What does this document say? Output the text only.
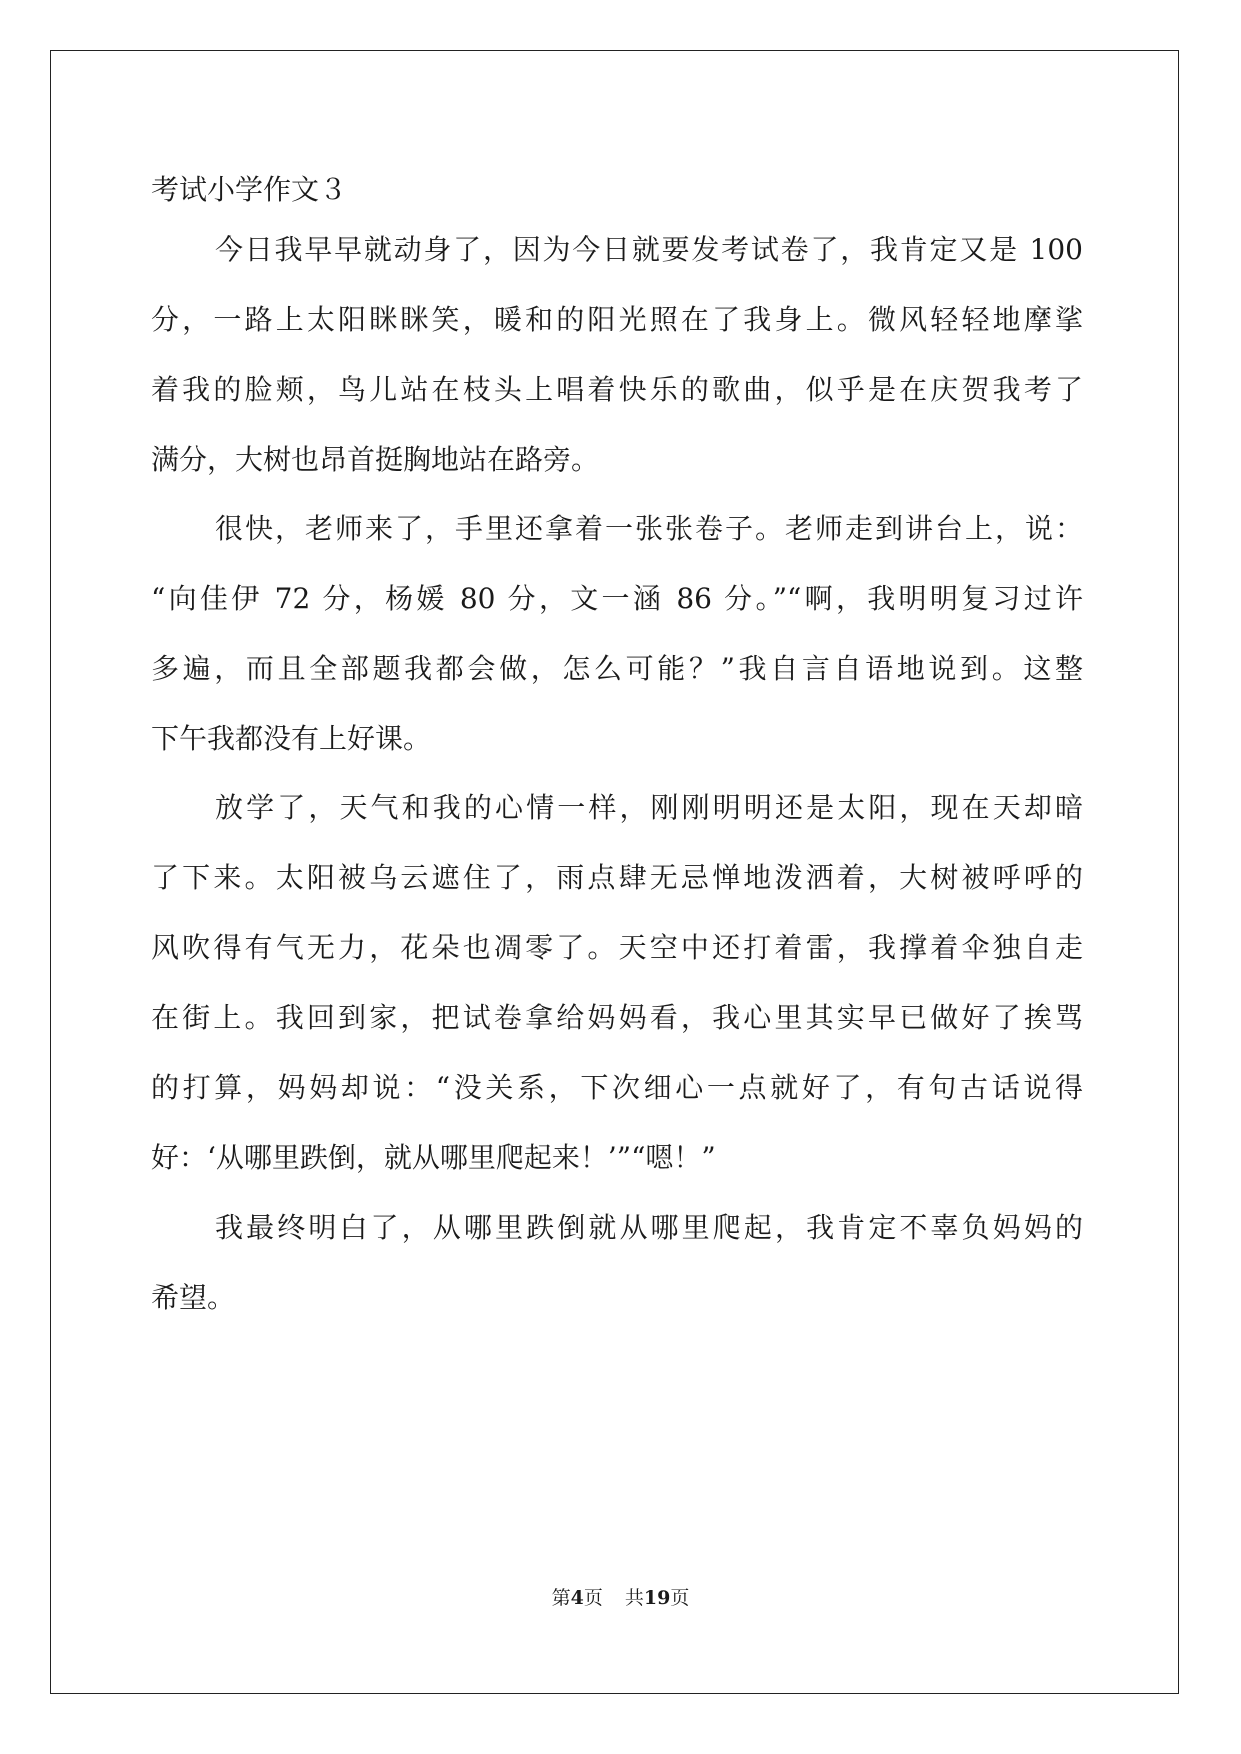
考试小学作文３
今日我早早就动身了，因为今日就要发考试卷了，我肯定又是 100
分，一路上太阳眯眯笑，暖和的阳光照在了我身上。微风轻轻地摩挲
着我的脸颊，鸟儿站在枝头上唱着快乐的歌曲，似乎是在庆贺我考了
满分，大树也昂首挺胸地站在路旁。
很快，老师来了，手里还拿着一张张卷子。老师走到讲台上，说：
“向佳伊 72 分，杨媛 80 分，文一涵 86 分。”“啊，我明明复习过许
多遍，而且全部题我都会做，怎么可能？”我自言自语地说到。这整
下午我都没有上好课。
放学了，天气和我的心情一样，刚刚明明还是太阳，现在天却暗
了下来。太阳被乌云遮住了，雨点肆无忌惮地泼洒着，大树被呼呼的
风吹得有气无力，花朵也凋零了。天空中还打着雷，我撑着伞独自走
在街上。我回到家，把试卷拿给妈妈看，我心里其实早已做好了挨骂
的打算，妈妈却说：“没关系，下次细心一点就好了，有句古话说得
好：‘从哪里跌倒，就从哪里爬起来！’”“嗯！”
我最终明白了，从哪里跌倒就从哪里爬起，我肯定不辜负妈妈的
希望。
第4页 共19页
